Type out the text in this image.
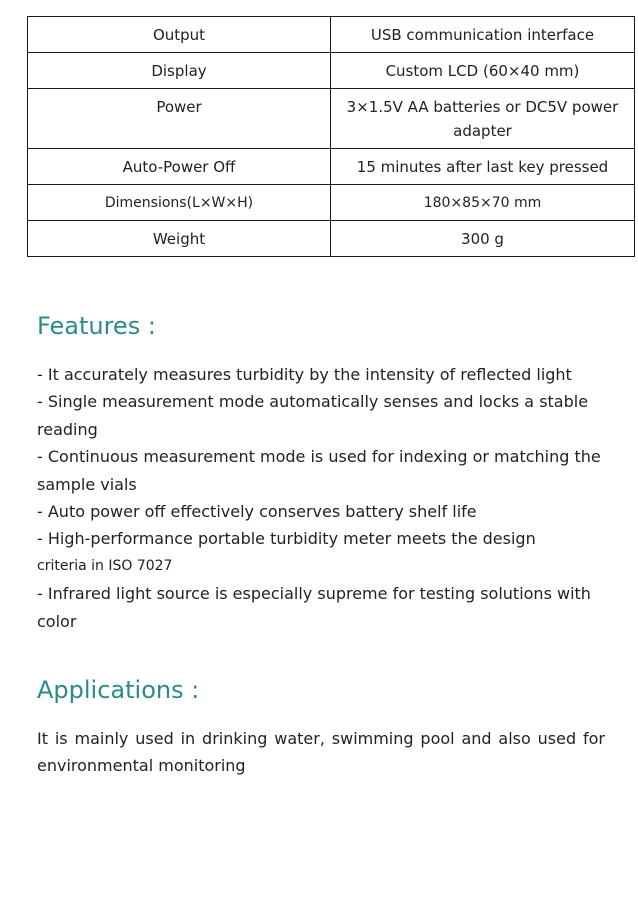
Output	USB communication interface
Display	Custom LCD (60×40 mm)
Power	3×1.5V AA batteries or DC5V power adapter
Auto-Power Off	15 minutes after last key pressed
Dimensions(L×W×H)	180×85×70 mm
Weight	300 g
Features :
- It accurately measures turbidity by the intensity of reflected light
- Single measurement mode automatically senses and locks a stable reading
- Continuous measurement mode is used for indexing or matching the sample vials
- Auto power off effectively conserves battery shelf life
- High-performance portable turbidity meter meets the design
criteria in ISO 7027
- Infrared light source is especially supreme for testing solutions with color
Applications :

It is mainly used in drinking water, swimming pool and also used for environmental monitoring
